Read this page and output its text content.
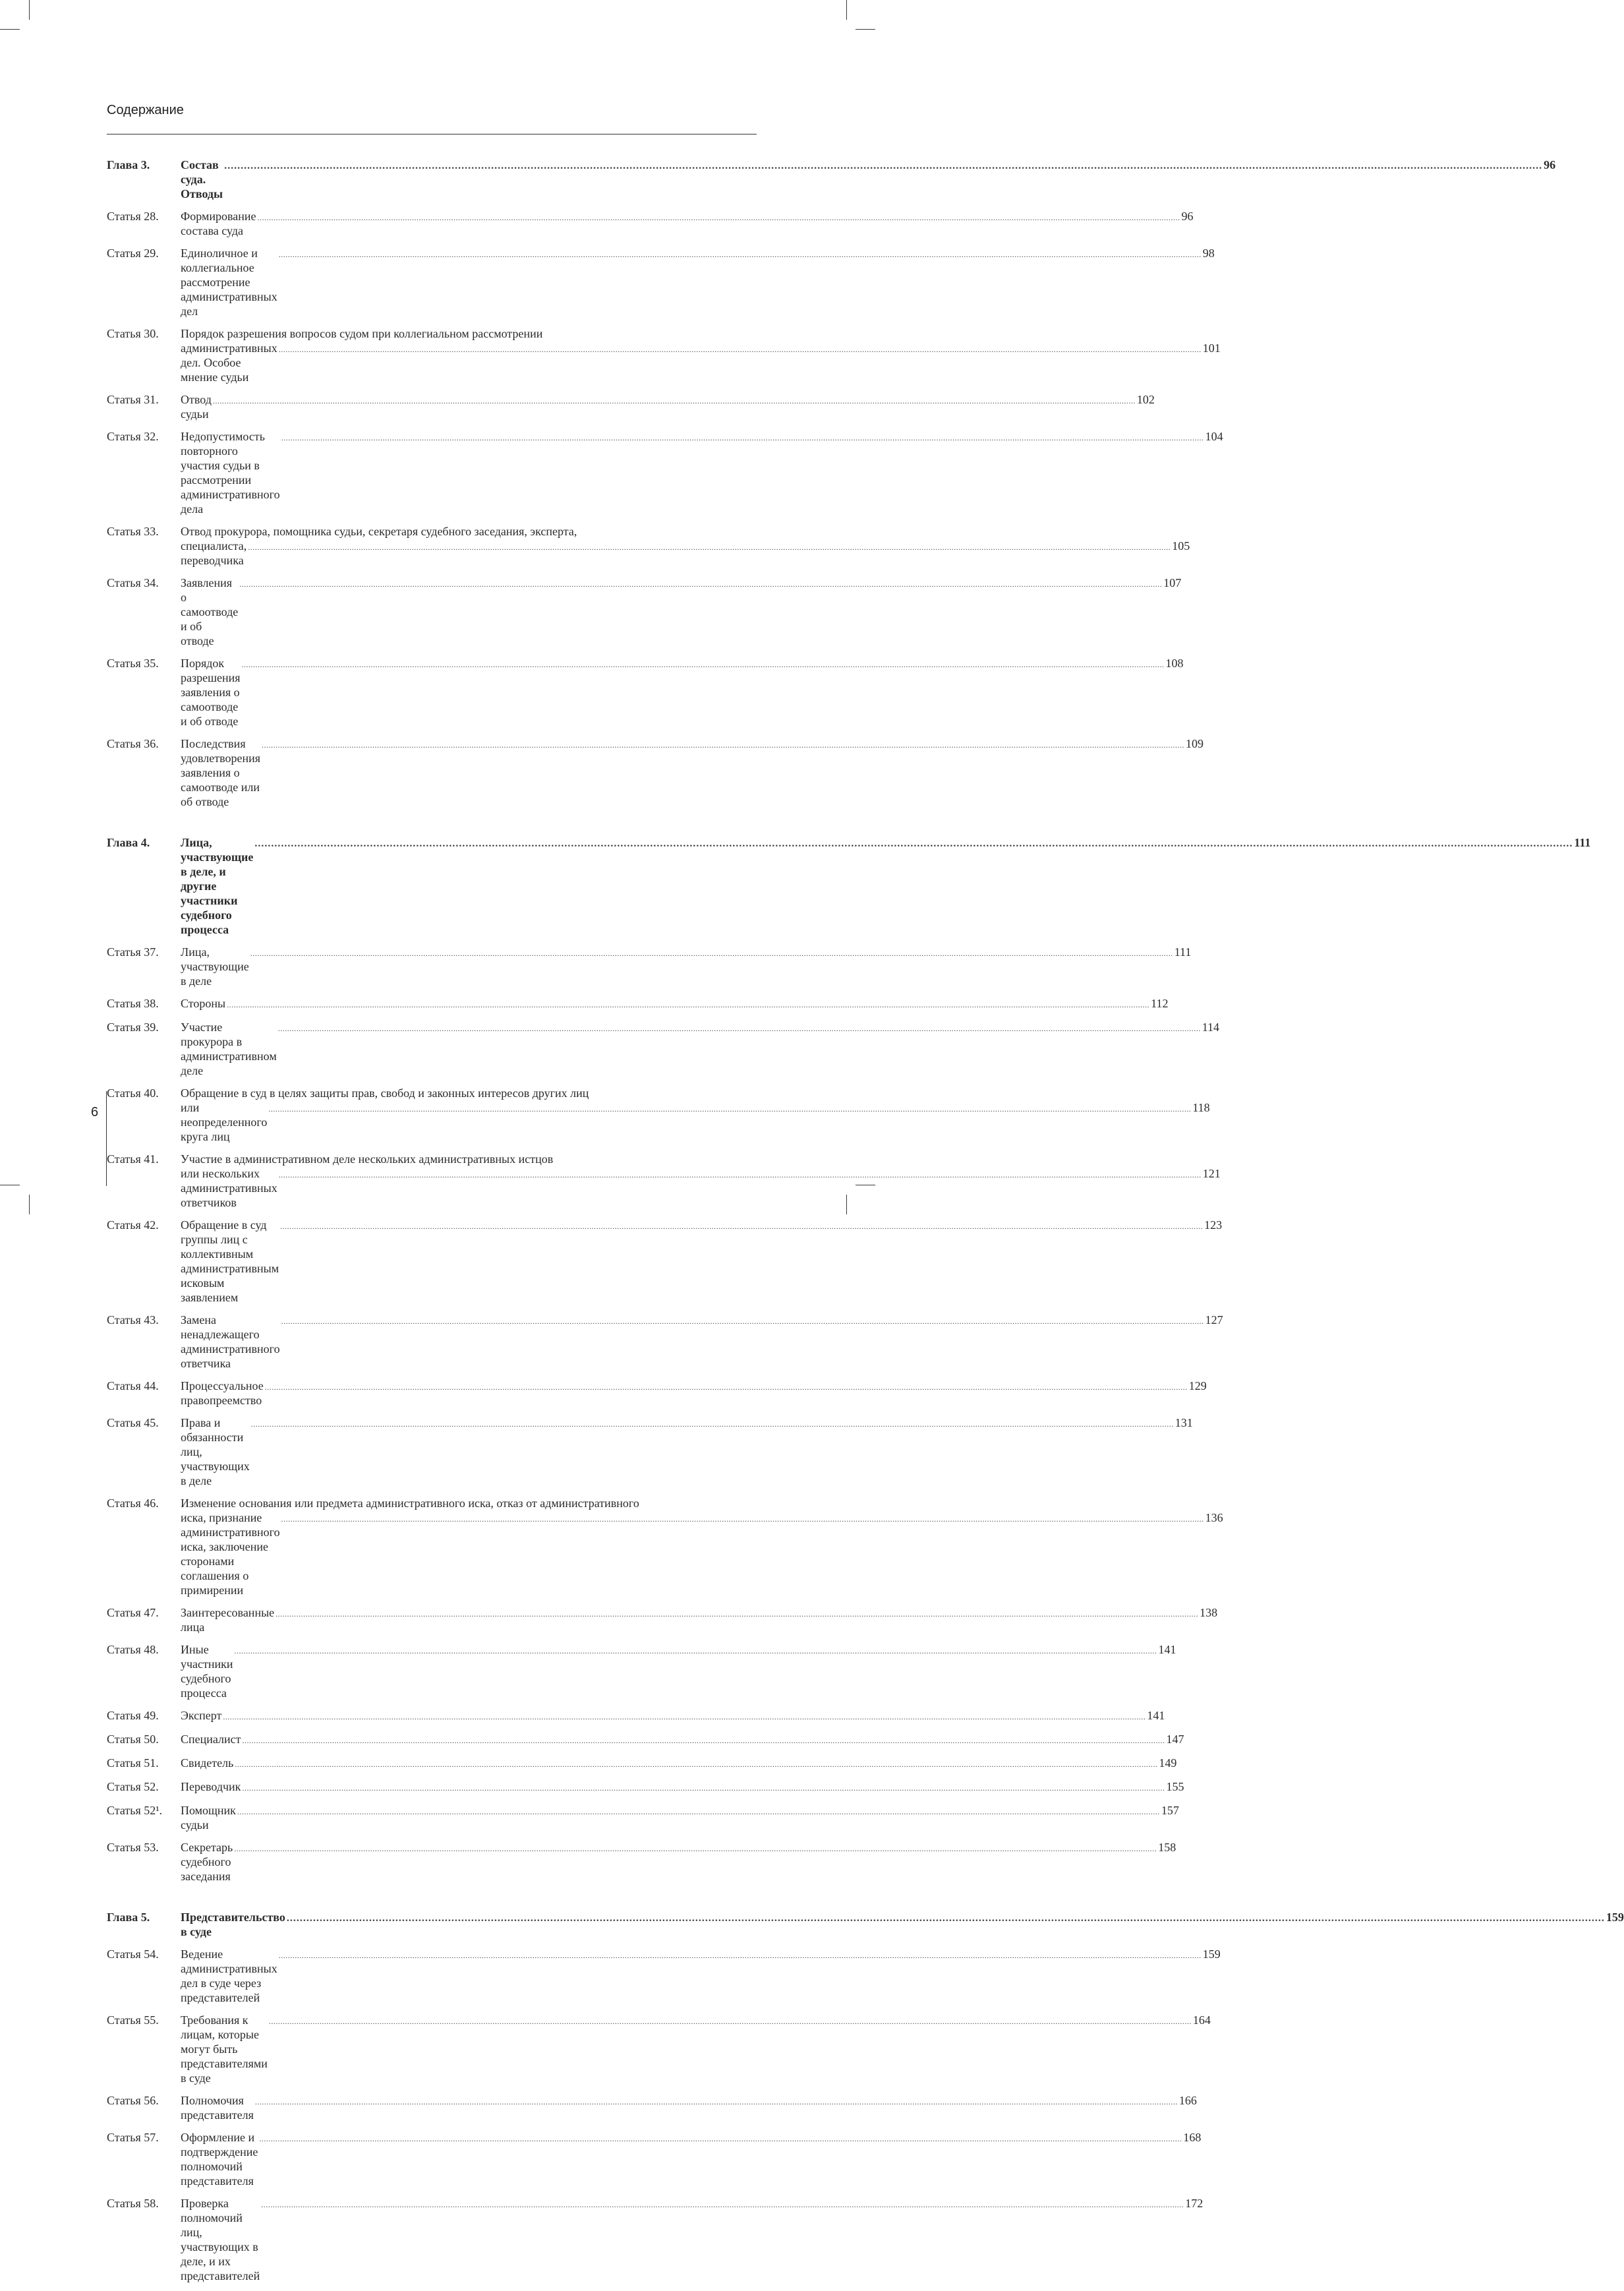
Содержание
Глава 3.	Состав суда. Отводы
................................................................................................................................................................................................................................................................................................................................................................................................................ 96
Статья 28. Формирование состава суда
................................................................................................................................................................................................................................................................................................................................................................................................................ 96
Статья 29. Единоличное и коллегиальное рассмотрение административных дел
................................................................................................................................................................................................................................................................................................................................................................................................................ 98
Статья 30. Порядок разрешения вопросов судом при коллегиальном рассмотрении
административных дел. Особое мнение судьи
................................................................................................................................................................................................................................................................................................................................................................................................................ 101
Статья 31. Отвод судьи
................................................................................................................................................................................................................................................................................................................................................................................................................ 102
Статья 32. Недопустимость повторного участия судьи в рассмотрении административного дела
................................................................................................................................................................................................................................................................................................................................................................................................................ 104
Статья 33. Отвод прокурора, помощника судьи, секретаря судебного заседания, эксперта,
специалиста, переводчика
................................................................................................................................................................................................................................................................................................................................................................................................................ 105
Статья 34. Заявления о самоотводе и об отводе
................................................................................................................................................................................................................................................................................................................................................................................................................ 107
Статья 35. Порядок разрешения заявления о самоотводе и об отводе
................................................................................................................................................................................................................................................................................................................................................................................................................ 108
Статья 36. Последствия удовлетворения заявления о самоотводе или об отводе
................................................................................................................................................................................................................................................................................................................................................................................................................ 109
Глава 4.	Лица, участвующие в деле, и другие участники судебного процесса
................................................................................................................................................................................................................................................................................................................................................................................................................ 111
Статья 37. Лица, участвующие в деле
................................................................................................................................................................................................................................................................................................................................................................................................................ 111
Статья 38. Стороны ................................................................................................................................................................................................................................................................................................................................................................................................................ 112
Статья 39. Участие прокурора в административном деле
................................................................................................................................................................................................................................................................................................................................................................................................................ 114
Статья 40. Обращение в суд в целях защиты прав, свобод и законных интересов других лиц
или неопределенного круга лиц
................................................................................................................................................................................................................................................................................................................................................................................................................ 118
Статья 41. Участие в административном деле нескольких административных истцов
или нескольких административных ответчиков
................................................................................................................................................................................................................................................................................................................................................................................................................ 121
Статья 42. Обращение в суд группы лиц с коллективным административным исковым заявлением
................................................................................................................................................................................................................................................................................................................................................................................................................ 123
Статья 43. Замена ненадлежащего административного ответчика
................................................................................................................................................................................................................................................................................................................................................................................................................ 127
Статья 44. Процессуальное правопреемство
................................................................................................................................................................................................................................................................................................................................................................................................................ 129
Статья 45. Права и обязанности лиц, участвующих в деле
................................................................................................................................................................................................................................................................................................................................................................................................................ 131
Статья 46. Изменение основания или предмета административного иска, отказ от административного
иска, признание административного иска, заключение сторонами соглашения о примирении
................................................................................................................................................................................................................................................................................................................................................................................................................ 136
Статья 47. Заинтересованные лица
................................................................................................................................................................................................................................................................................................................................................................................................................ 138
Статья 48. Иные участники судебного процесса
................................................................................................................................................................................................................................................................................................................................................................................................................ 141
Статья 49. Эксперт ................................................................................................................................................................................................................................................................................................................................................................................................................ 141
Статья 50. Специалист ................................................................................................................................................................................................................................................................................................................................................................................................................ 147
Статья 51. Свидетель ................................................................................................................................................................................................................................................................................................................................................................................................................ 149
Статья 52. Переводчик ................................................................................................................................................................................................................................................................................................................................................................................................................ 155
Статья 52¹. Помощник судьи
................................................................................................................................................................................................................................................................................................................................................................................................................ 157
Статья 53. Секретарь судебного заседания
................................................................................................................................................................................................................................................................................................................................................................................................................ 158
Глава 5.	Представительство в суде
................................................................................................................................................................................................................................................................................................................................................................................................................ 159
Статья 54. Ведение административных дел в суде через представителей
................................................................................................................................................................................................................................................................................................................................................................................................................ 159
Статья 55. Требования к лицам, которые могут быть представителями в суде
................................................................................................................................................................................................................................................................................................................................................................................................................ 164
Статья 56. Полномочия представителя
................................................................................................................................................................................................................................................................................................................................................................................................................ 166
Статья 57. Оформление и подтверждение полномочий представителя
................................................................................................................................................................................................................................................................................................................................................................................................................ 168
Статья 58. Проверка полномочий лиц, участвующих в деле, и их представителей
................................................................................................................................................................................................................................................................................................................................................................................................................ 172
6
